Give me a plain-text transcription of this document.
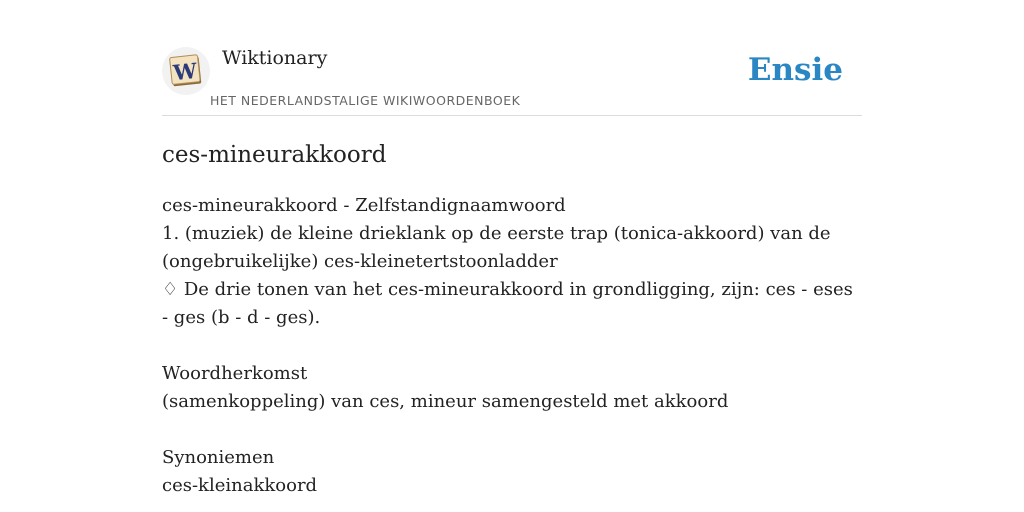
W Wiktionary
HET NEDERLANDSTALIGE WIKIWOORDENBOEK
Ensie
ces-mineurakkoord

ces-mineurakkoord - Zelfstandignaamwoord

1. (muziek) de kleine drieklank op de eerste trap (tonica-akkoord) van de (ongebruikelijke) ces-kleinetertstoonladder

♢ De drie tonen van het ces-mineurakkoord in grondligging, zijn: ces - eses - ges (b - d - ges).

Woordherkomst

(samenkoppeling) van ces, mineur samengesteld met akkoord

Synoniemen

ces-kleinakkoord
